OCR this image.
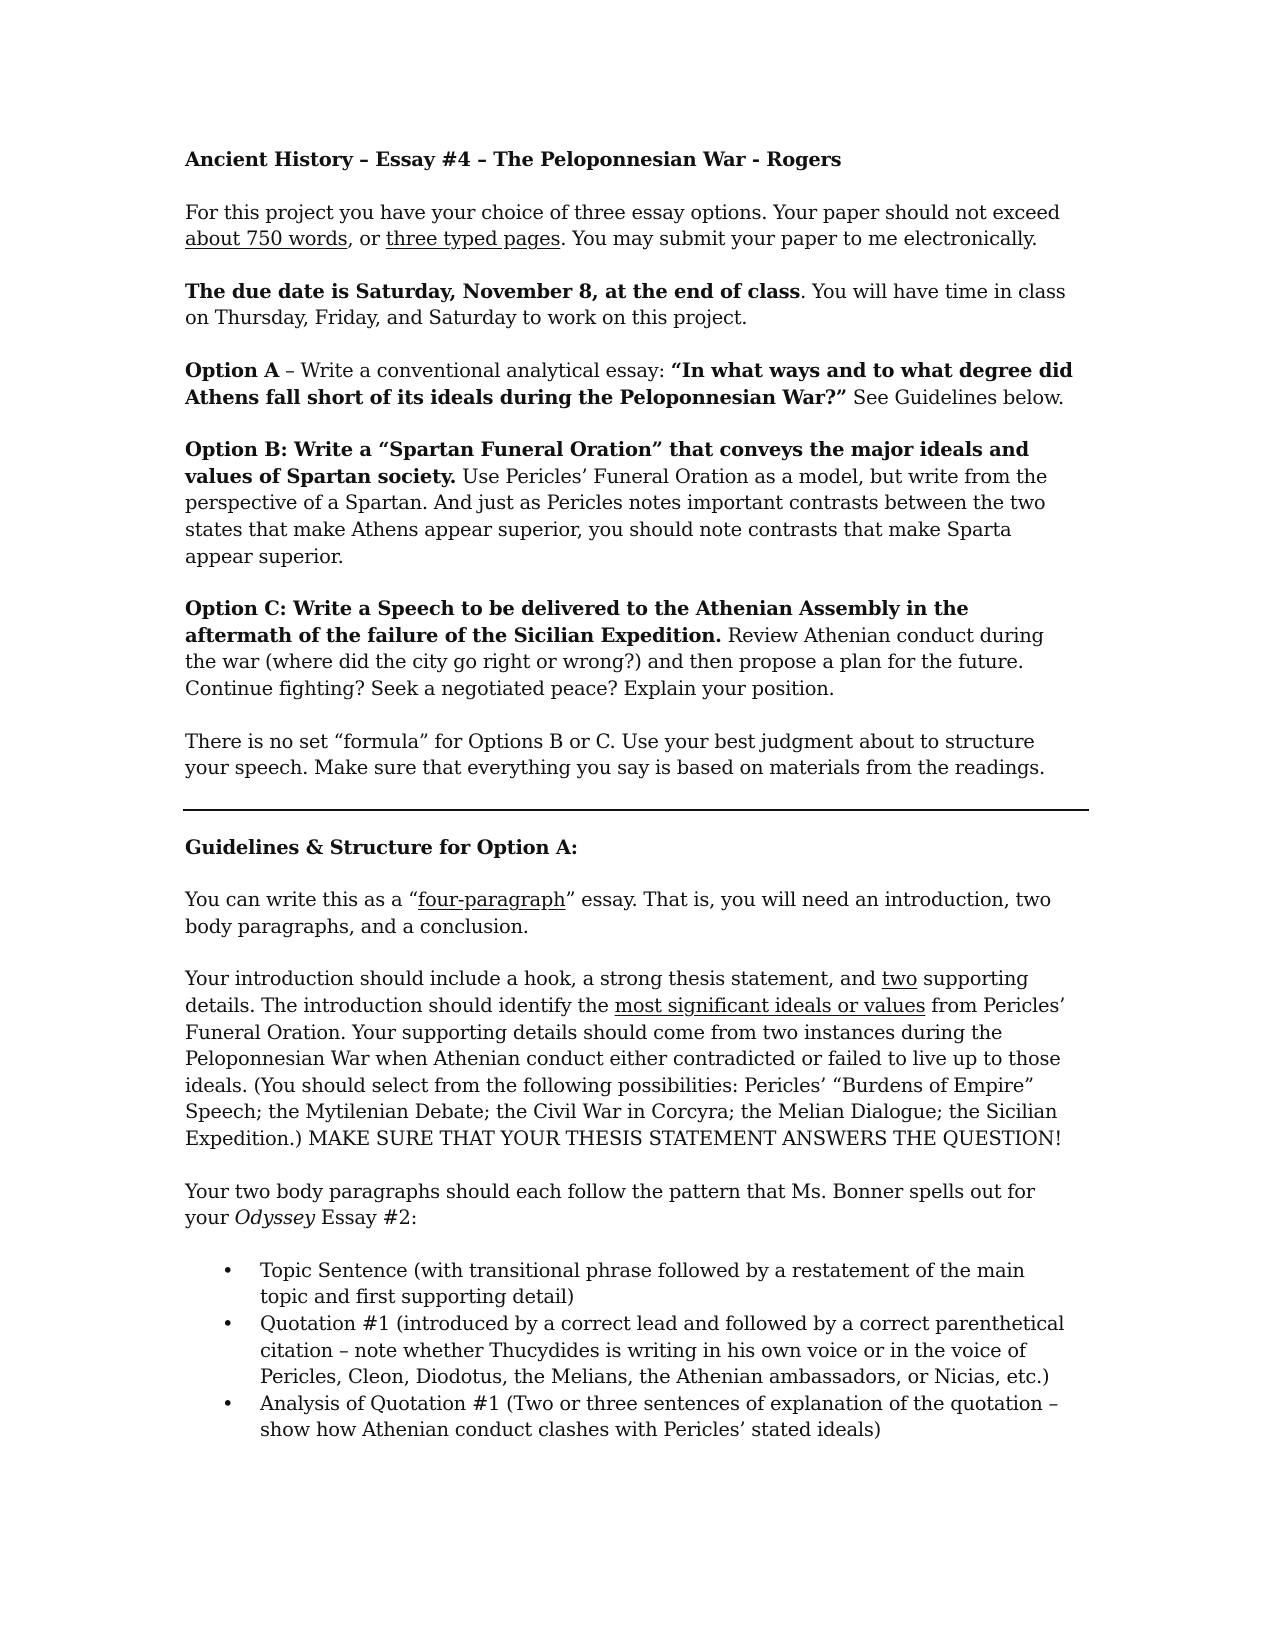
Ancient History – Essay #4 – The Peloponnesian War - Rogers

For this project you have your choice of three essay options. Your paper should not exceed about 750 words, or three typed pages. You may submit your paper to me electronically.

The due date is Saturday, November 8, at the end of class. You will have time in class on Thursday, Friday, and Saturday to work on this project.

Option A – Write a conventional analytical essay: “In what ways and to what degree did Athens fall short of its ideals during the Peloponnesian War?” See Guidelines below.

Option B: Write a “Spartan Funeral Oration” that conveys the major ideals and values of Spartan society. Use Pericles’ Funeral Oration as a model, but write from the perspective of a Spartan. And just as Pericles notes important contrasts between the two states that make Athens appear superior, you should note contrasts that make Sparta appear superior.

Option C: Write a Speech to be delivered to the Athenian Assembly in the aftermath of the failure of the Sicilian Expedition. Review Athenian conduct during the war (where did the city go right or wrong?) and then propose a plan for the future. Continue fighting? Seek a negotiated peace? Explain your position.

There is no set “formula” for Options B or C. Use your best judgment about to structure your speech. Make sure that everything you say is based on materials from the readings.

Guidelines & Structure for Option A:

You can write this as a “four-paragraph” essay. That is, you will need an introduction, two body paragraphs, and a conclusion.

Your introduction should include a hook, a strong thesis statement, and two supporting details. The introduction should identify the most significant ideals or values from Pericles’ Funeral Oration. Your supporting details should come from two instances during the Peloponnesian War when Athenian conduct either contradicted or failed to live up to those ideals. (You should select from the following possibilities: Pericles’ “Burdens of Empire” Speech; the Mytilenian Debate; the Civil War in Corcyra; the Melian Dialogue; the Sicilian Expedition.) MAKE SURE THAT YOUR THESIS STATEMENT ANSWERS THE QUESTION!

Your two body paragraphs should each follow the pattern that Ms. Bonner spells out for your Odyssey Essay #2:

• Topic Sentence (with transitional phrase followed by a restatement of the main topic and first supporting detail)
• Quotation #1 (introduced by a correct lead and followed by a correct parenthetical citation – note whether Thucydides is writing in his own voice or in the voice of Pericles, Cleon, Diodotus, the Melians, the Athenian ambassadors, or Nicias, etc.)
• Analysis of Quotation #1 (Two or three sentences of explanation of the quotation – show how Athenian conduct clashes with Pericles’ stated ideals)
